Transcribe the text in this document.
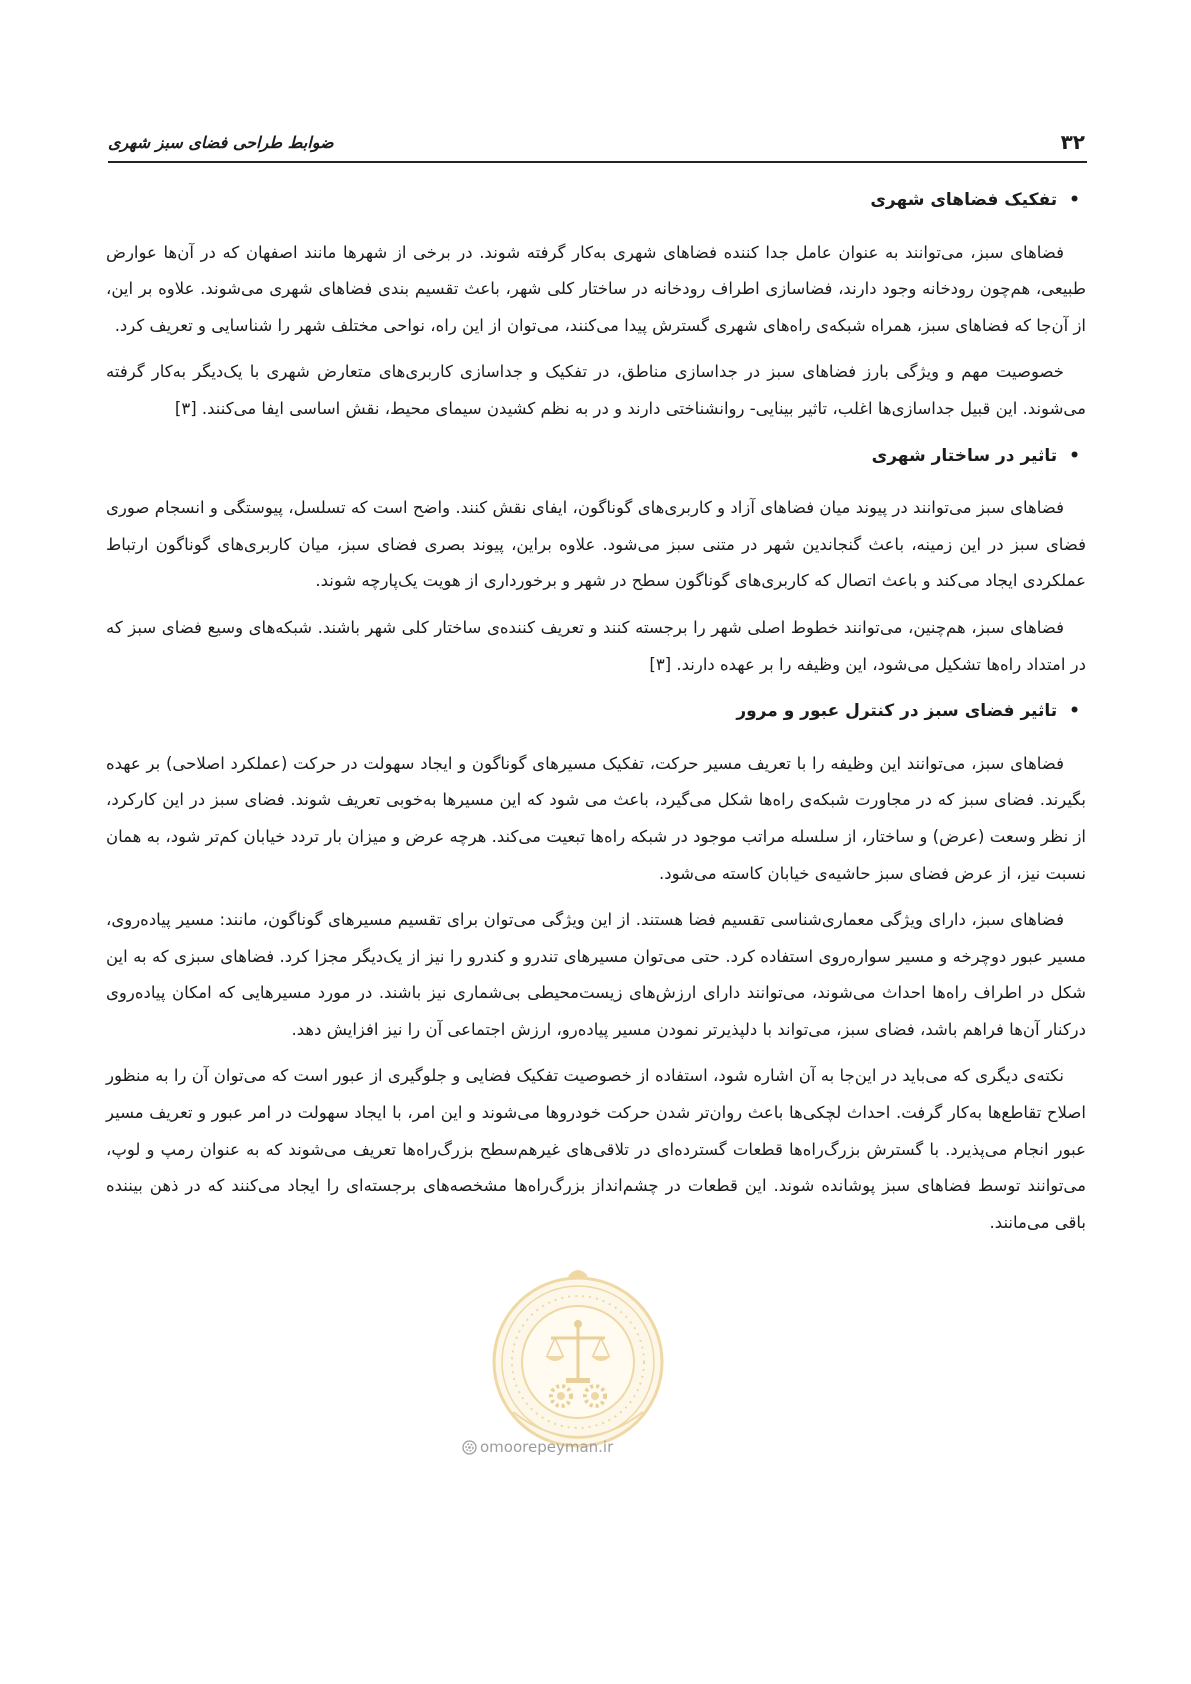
۳۲
ضوابط طراحی فضای سبز شهری
•تفکیک فضاهای شهری

فضاهای سبز، می‌توانند به عنوان عامل جدا کننده فضاهای شهری به‌کار گرفته شوند. در برخی از شهرها مانند اصفهان که در آن‌ها عوارض طبیعی، هم‌چون رودخانه وجود دارند، فضاسازی اطراف رودخانه در ساختار کلی شهر، باعث تقسیم بندی فضاهای شهری می‌شوند. علاوه بر این، از آن‌جا که فضاهای سبز، همراه شبکه‌ی راه‌های شهری گسترش پیدا می‌کنند، می‌توان از این راه، نواحی مختلف شهر را شناسایی و تعریف کرد.

خصوصیت مهم و ویژگی بارز فضاهای سبز در جداسازی مناطق، در تفکیک و جداسازی کاربری‌های متعارض شهری با یک‌دیگر به‌کار گرفته می‌شوند. این قبیل جداسازی‌ها اغلب، تاثیر بینایی- روانشناختی دارند و در به نظم کشیدن سیمای محیط، نقش اساسی ایفا می‌کنند. [۳]

•تاثیر در ساختار شهری

فضاهای سبز می‌توانند در پیوند میان فضاهای آزاد و کاربری‌های گوناگون، ایفای نقش کنند. واضح است که تسلسل، پیوستگی و انسجام صوری فضای سبز در این زمینه، باعث گنجاندین شهر در متنی سبز می‌شود. علاوه براین، پیوند بصری فضای سبز، میان کاربری‌های گوناگون ارتباط عملکردی ایجاد می‌کند و باعث اتصال که کاربری‌های گوناگون سطح در شهر و برخورداری از هویت یک‌پارچه شوند.

فضاهای سبز، هم‌چنین، می‌توانند خطوط اصلی شهر را برجسته کنند و تعریف کننده‌ی ساختار کلی شهر باشند. شبکه‌های وسیع فضای سبز که در امتداد راه‌ها تشکیل می‌شود، این وظیفه را بر عهده دارند. [۳]

•تاثیر فضای سبز در کنترل عبور و مرور

فضاهای سبز، می‌توانند این وظیفه را با تعریف مسیر حرکت، تفکیک مسیرهای گوناگون و ایجاد سهولت در حرکت (عملکرد اصلاحی) بر عهده بگیرند. فضای سبز که در مجاورت شبکه‌ی راه‌ها شکل می‌گیرد، باعث می شود که این مسیرها به‌خوبی تعریف شوند. فضای سبز در این کارکرد، از نظر وسعت (عرض) و ساختار، از سلسله مراتب موجود در شبکه راه‌ها تبعیت می‌کند. هرچه عرض و میزان بار تردد خیابان کم‌تر شود، به همان نسبت نیز، از عرض فضای سبز حاشیه‌ی خیابان کاسته می‌شود.

فضاهای سبز، دارای ویژگی معماری‌شناسی تقسیم فضا هستند. از این ویژگی می‌توان برای تقسیم مسیرهای گوناگون، مانند: مسیر پیاده‌روی، مسیر عبور دوچرخه و مسیر سواره‌روی استفاده کرد. حتی می‌توان مسیرهای تندرو و کندرو را نیز از یک‌دیگر مجزا کرد. فضاهای سبزی که به این شکل در اطراف راه‌ها احداث می‌شوند، می‌توانند دارای ارزش‌های زیست‌محیطی بی‌شماری نیز باشند. در مورد مسیرهایی که امکان پیاده‌روی درکنار آن‌ها فراهم باشد، فضای سبز، می‌تواند با دلپذیرتر نمودن مسیر پیاده‌رو، ارزش اجتماعی آن را نیز افزایش دهد.

نکته‌ی دیگری که می‌باید در این‌جا به آن اشاره شود، استفاده از خصوصیت تفکیک فضایی و جلوگیری از عبور است که می‌توان آن را به منظور اصلاح تقاطع‌ها به‌کار گرفت. احداث لچکی‌ها باعث روان‌تر شدن حرکت خودروها می‌شوند و این امر، با ایجاد سهولت در امر عبور و تعریف مسیر عبور انجام می‌پذیرد. با گسترش بزرگ‌راه‌ها قطعات گسترده‌ای در تلاقی‌های غیرهم‌سطح بزرگ‌راه‌ها تعریف می‌شوند که به عنوان رمپ و لوپ، می‌توانند توسط فضاهای سبز پوشانده شوند. این قطعات در چشم‌انداز بزرگ‌راه‌ها مشخصه‌های برجسته‌ای را ایجاد می‌کنند که در ذهن بیننده باقی می‌مانند.

omoorepeyman.ir
